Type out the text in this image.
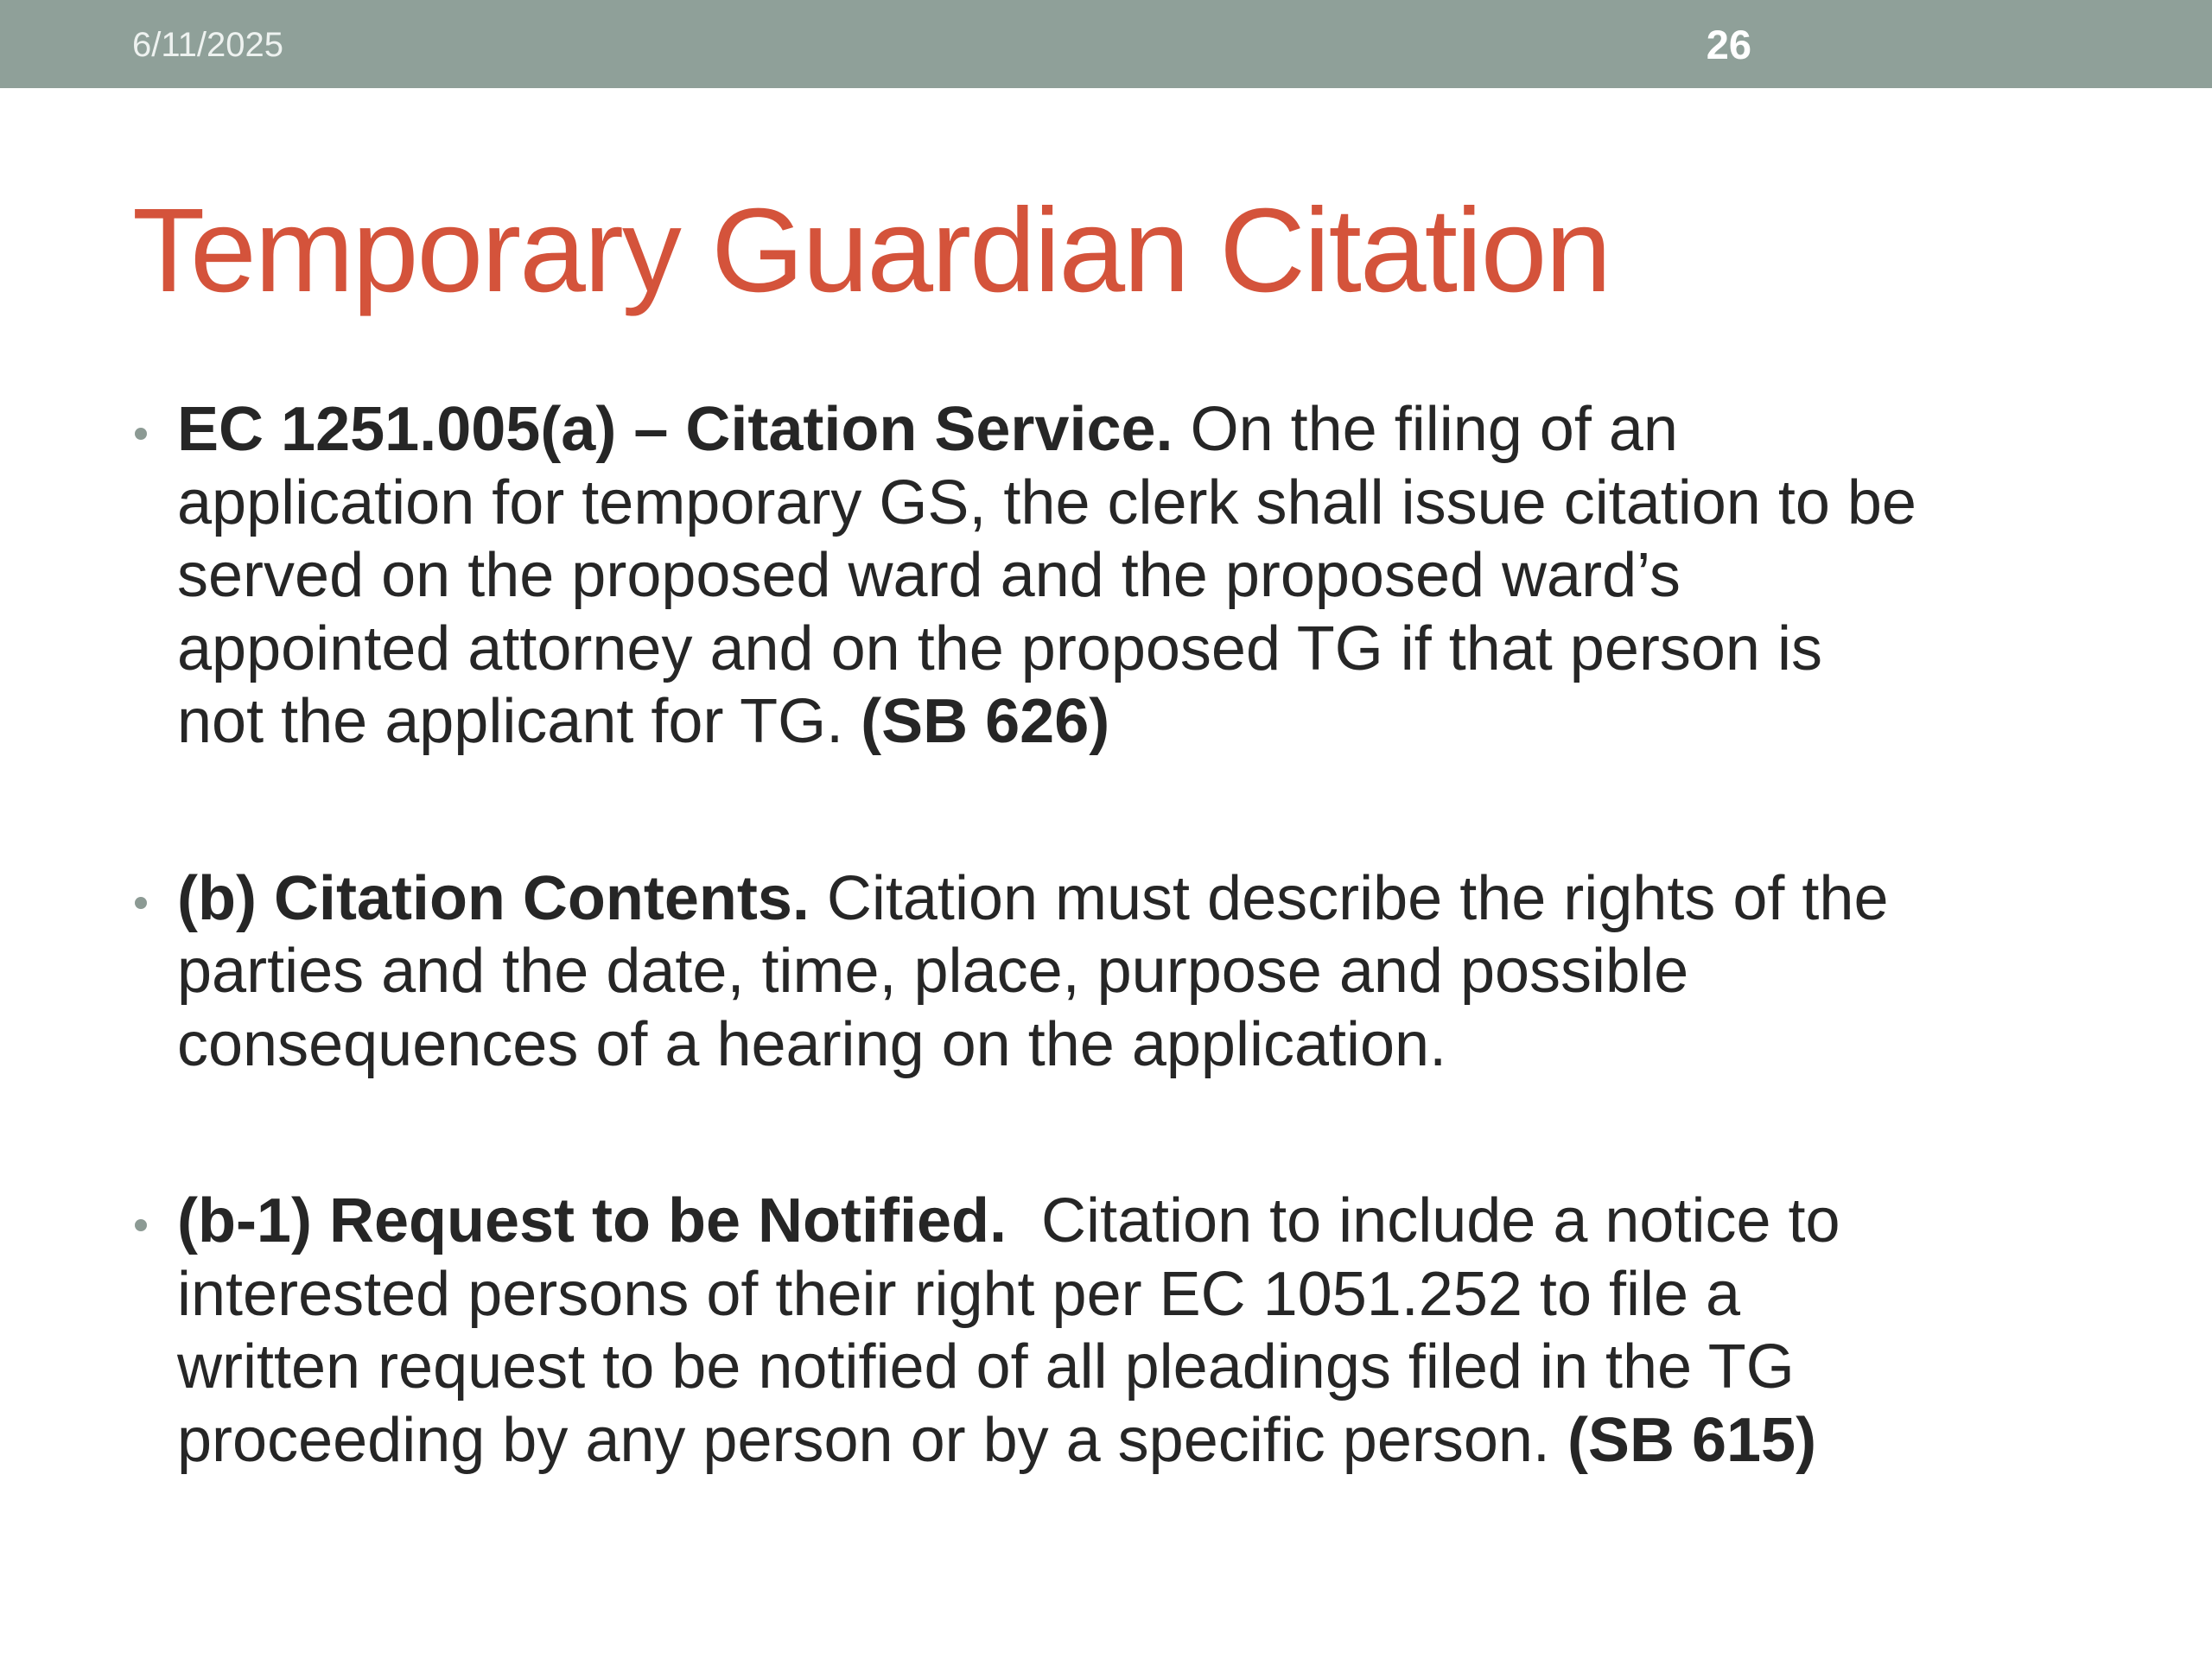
6/11/2025	26
Temporary Guardian Citation
EC 1251.005(a) – Citation Service. On the filing of an
application for temporary GS, the clerk shall issue citation to be
served on the proposed ward and the proposed ward’s
appointed attorney and on the proposed TG if that person is
not the applicant for TG. (SB 626)
(b) Citation Contents. Citation must describe the rights of the
parties and the date, time, place, purpose and possible
consequences of a hearing on the application.
(b-1) Request to be Notified.  Citation to include a notice to
interested persons of their right per EC 1051.252 to file a
written request to be notified of all pleadings filed in the TG
proceeding by any person or by a specific person. (SB 615)
